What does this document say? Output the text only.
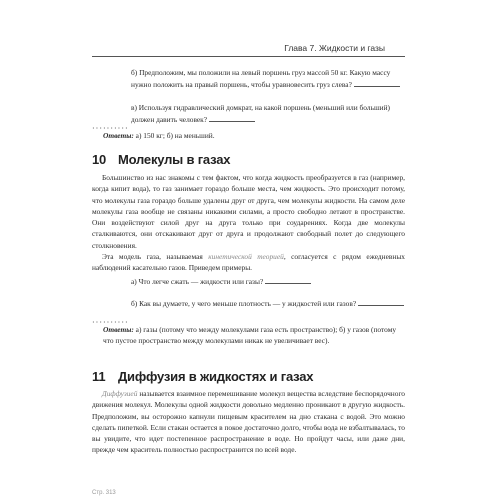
Глава 7. Жидкости и газы

б) Предположим, мы положили на левый поршень груз массой 50 кг. Какую массу нужно положить на правый поршень, чтобы уравновесить груз слева?

в) Используя гидравлический домкрат, на какой поршень (меньший или больший) должен давить человек?

··········

Ответы: а) 150 кг; б) на меньший.

10 Молекулы в газах

Большинство из нас знакомы с тем фактом, что когда жидкость преобразуется в газ (например, когда кипит вода), то газ занимает гораздо больше места, чем жидкость. Это происходит потому, что молекулы газа гораздо больше удалены друг от друга, чем молекулы жидкости. На самом деле молекулы газа вообще не связаны никакими силами, а просто свободно летают в пространстве. Они воздействуют силой друг на друга только при соударениях. Когда две молекулы сталкиваются, они отскакивают друг от друга и продолжают свободный полет до следующего столкновения.

Эта модель газа, называемая кинетической теорией, согласуется с рядом ежедневных наблюдений касательно газов. Приведем примеры.

а) Что легче сжать — жидкости или газы?

б) Как вы думаете, у чего меньше плотность — у жидкостей или газов?

··········

Ответы: а) газы (потому что между молекулами газа есть пространство); б) у газов (потому что пустое пространство между молекулами никак не увеличивает вес).

11 Диффузия в жидкостях и газах

Диффузией называется взаимное перемешивание молекул вещества вследствие беспорядочного движения молекул. Молекулы одной жидкости довольно медленно проникают в другую жидкость. Предположим, вы осторожно капнули пищевым красителем на дно стакана с водой. Это можно сделать пипеткой. Если стакан остается в покое достаточно долго, чтобы вода не взбалтывалась, то вы увидите, что идет постепенное распространение в воде. Но пройдут часы, или даже дни, прежде чем краситель полностью распространится по всей воде.

Стр. 313
